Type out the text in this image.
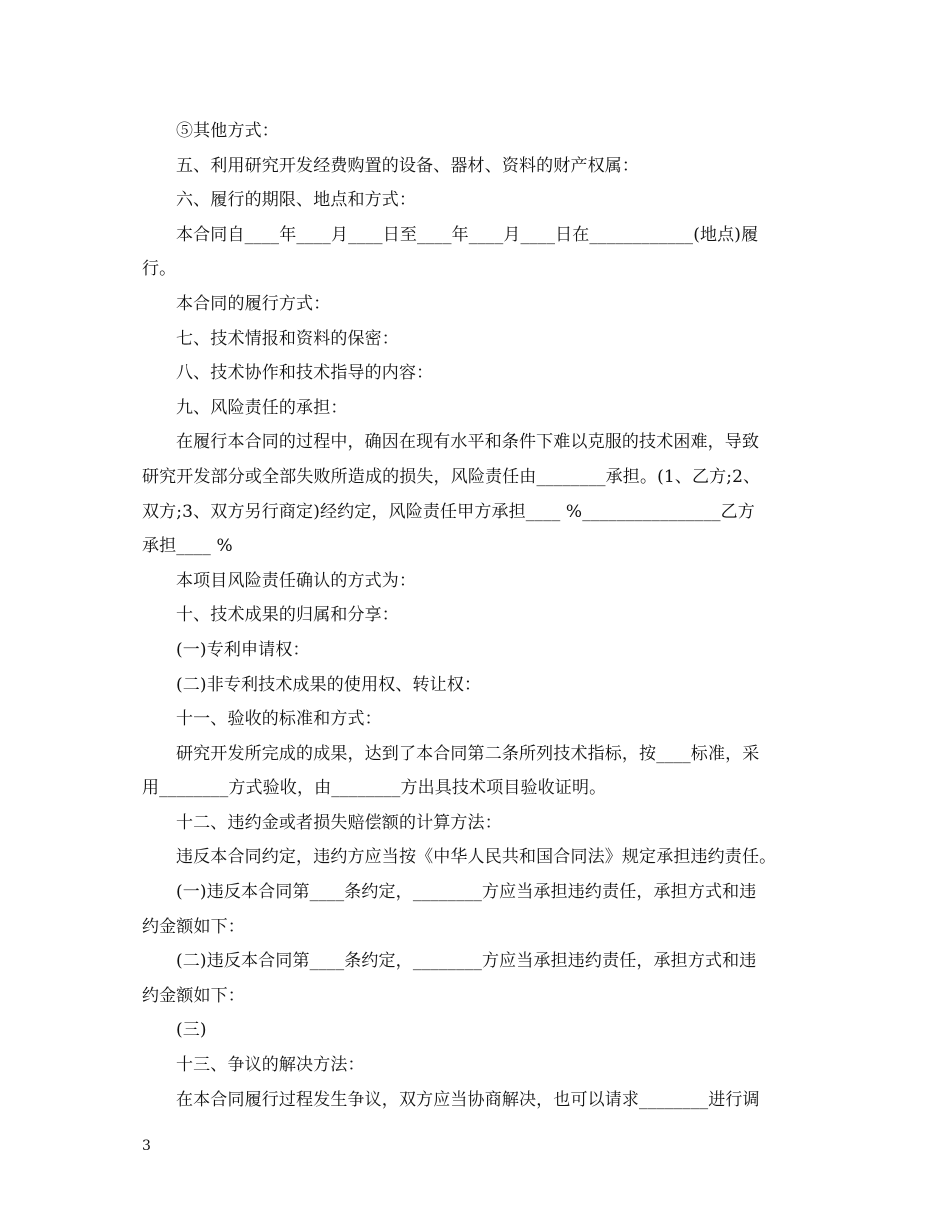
⑤其他方式：
五、利用研究开发经费购置的设备、器材、资料的财产权属：
六、履行的期限、地点和方式：
本合同自____年____月____日至____年____月____日在____________(地点)履
行。
本合同的履行方式：
七、技术情报和资料的保密：
八、技术协作和技术指导的内容：
九、风险责任的承担：
在履行本合同的过程中，确因在现有水平和条件下难以克服的技术困难，导致
研究开发部分或全部失败所造成的损失，风险责任由________承担。(1、乙方;2、
双方;3、双方另行商定)经约定，风险责任甲方承担____ %________________乙方
承担____ %
本项目风险责任确认的方式为：
十、技术成果的归属和分享：
(一)专利申请权：
(二)非专利技术成果的使用权、转让权：
十一、验收的标准和方式：
研究开发所完成的成果，达到了本合同第二条所列技术指标，按____标准，采
用________方式验收，由________方出具技术项目验收证明。
十二、违约金或者损失赔偿额的计算方法：
违反本合同约定，违约方应当按《中华人民共和国合同法》规定承担违约责任。
(一)违反本合同第____条约定，________方应当承担违约责任，承担方式和违
约金额如下：
(二)违反本合同第____条约定，________方应当承担违约责任，承担方式和违
约金额如下：
(三)
十三、争议的解决方法：
在本合同履行过程发生争议，双方应当协商解决，也可以请求________进行调
3
